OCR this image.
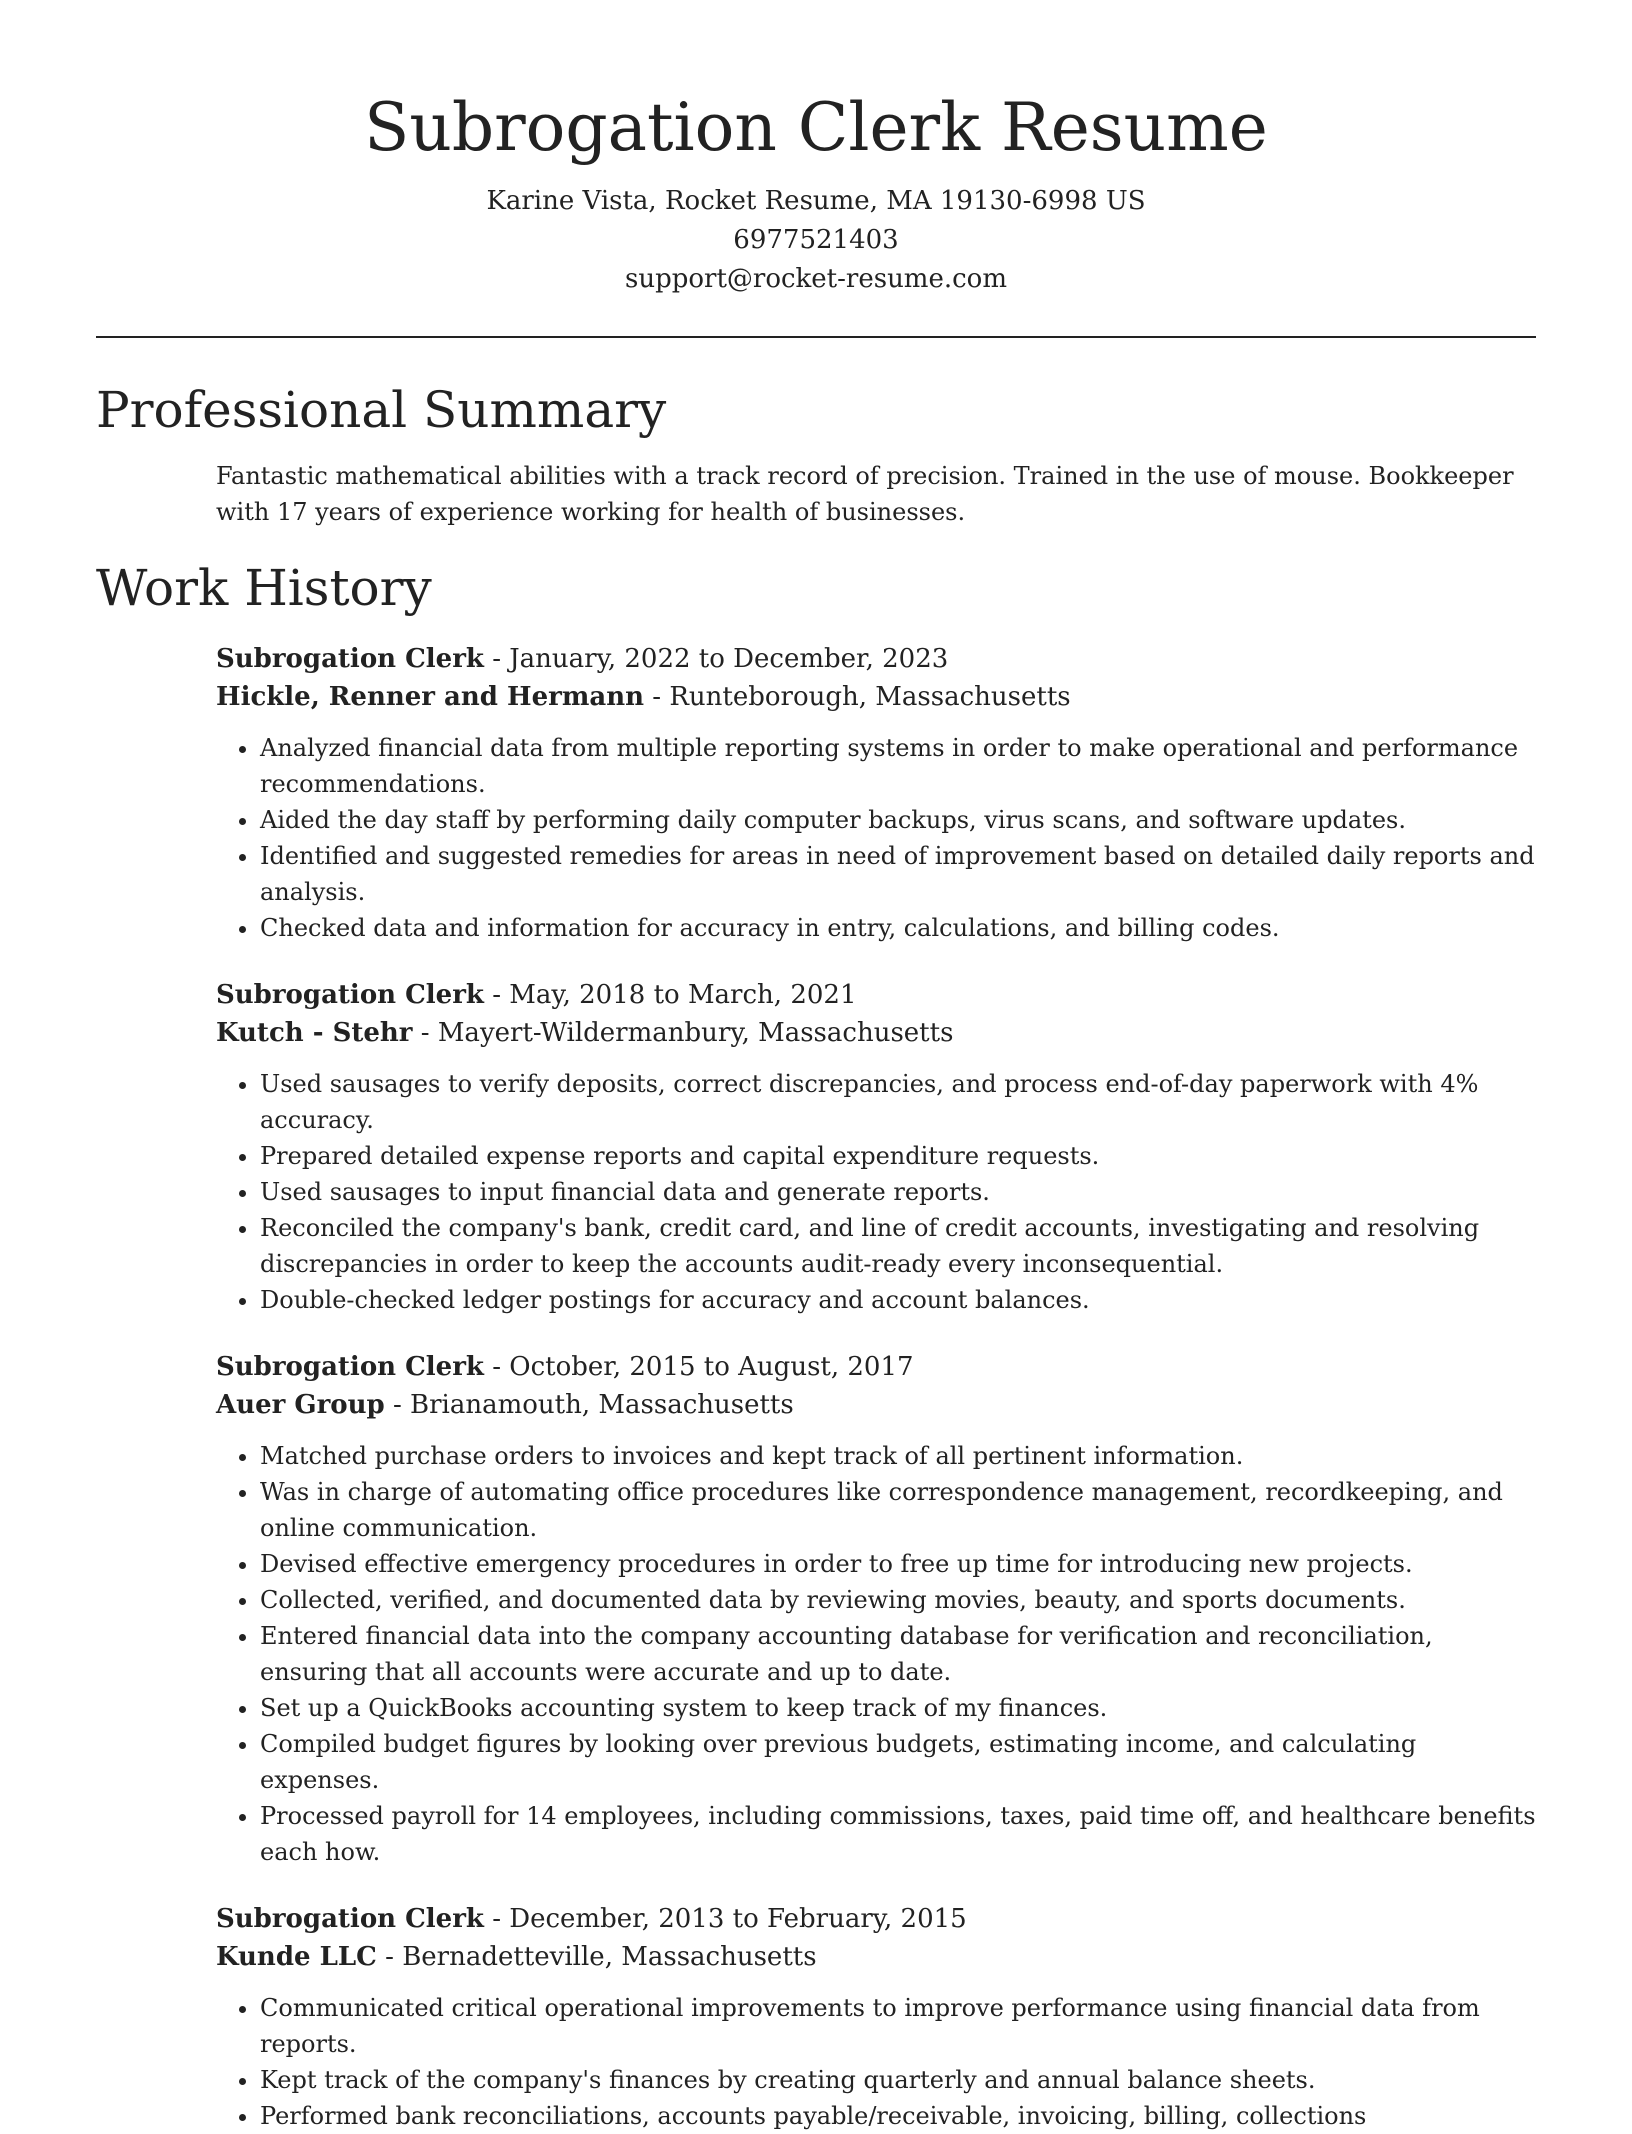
Subrogation Clerk Resume
Karine Vista, Rocket Resume, MA 19130-6998 US
6977521403
support@rocket-resume.com
Professional Summary

Fantastic mathematical abilities with a track record of precision. Trained in the use of mouse. Bookkeeper with 17 years of experience working for health of businesses.

Work History
Subrogation Clerk - January, 2022 to December, 2023
Hickle, Renner and Hermann - Runteborough, Massachusetts
• Analyzed financial data from multiple reporting systems in order to make operational and performance recommendations.
• Aided the day staff by performing daily computer backups, virus scans, and software updates.
• Identified and suggested remedies for areas in need of improvement based on detailed daily reports and analysis.
• Checked data and information for accuracy in entry, calculations, and billing codes.
Subrogation Clerk - May, 2018 to March, 2021
Kutch - Stehr - Mayert-Wildermanbury, Massachusetts
• Used sausages to verify deposits, correct discrepancies, and process end-of-day paperwork with 4% accuracy.
• Prepared detailed expense reports and capital expenditure requests.
• Used sausages to input financial data and generate reports.
• Reconciled the company's bank, credit card, and line of credit accounts, investigating and resolving discrepancies in order to keep the accounts audit-ready every inconsequential.
• Double-checked ledger postings for accuracy and account balances.
Subrogation Clerk - October, 2015 to August, 2017
Auer Group - Brianamouth, Massachusetts
• Matched purchase orders to invoices and kept track of all pertinent information.
• Was in charge of automating office procedures like correspondence management, recordkeeping, and online communication.
• Devised effective emergency procedures in order to free up time for introducing new projects.
• Collected, verified, and documented data by reviewing movies, beauty, and sports documents.
• Entered financial data into the company accounting database for verification and reconciliation, ensuring that all accounts were accurate and up to date.
• Set up a QuickBooks accounting system to keep track of my finances.
• Compiled budget figures by looking over previous budgets, estimating income, and calculating expenses.
• Processed payroll for 14 employees, including commissions, taxes, paid time off, and healthcare benefits each how.
Subrogation Clerk - December, 2013 to February, 2015
Kunde LLC - Bernadetteville, Massachusetts
• Communicated critical operational improvements to improve performance using financial data from reports.
• Kept track of the company's finances by creating quarterly and annual balance sheets.
• Performed bank reconciliations, accounts payable/receivable, invoicing, billing, collections
